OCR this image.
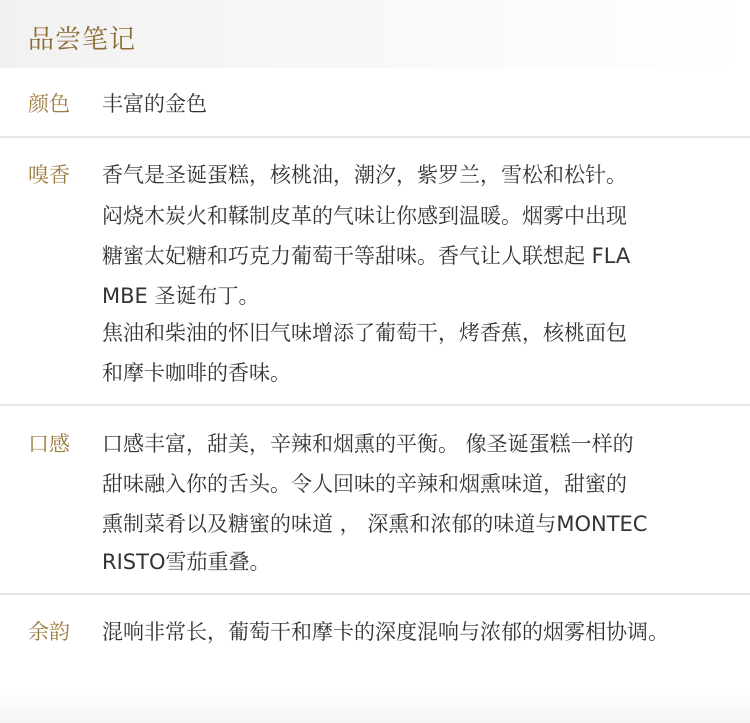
品尝笔记
颜色 丰富的金色
嗅香 香气是圣诞蛋糕，核桃油，潮汐，紫罗兰，雪松和松针。
闷烧木炭火和鞣制皮革的气味让你感到温暖。烟雾中出现
糖蜜太妃糖和巧克力葡萄干等甜味。香气让人联想起 FLA
MBE 圣诞布丁。
焦油和柴油的怀旧气味增添了葡萄干，烤香蕉，核桃面包
和摩卡咖啡的香味。
口感 口感丰富，甜美，辛辣和烟熏的平衡。 像圣诞蛋糕一样的
甜味融入你的舌头。令人回味的辛辣和烟熏味道，甜蜜的
熏制菜肴以及糖蜜的味道 ， 深熏和浓郁的味道与MONTEC
RISTO雪茄重叠。
余韵 混响非常长，葡萄干和摩卡的深度混响与浓郁的烟雾相协调。
